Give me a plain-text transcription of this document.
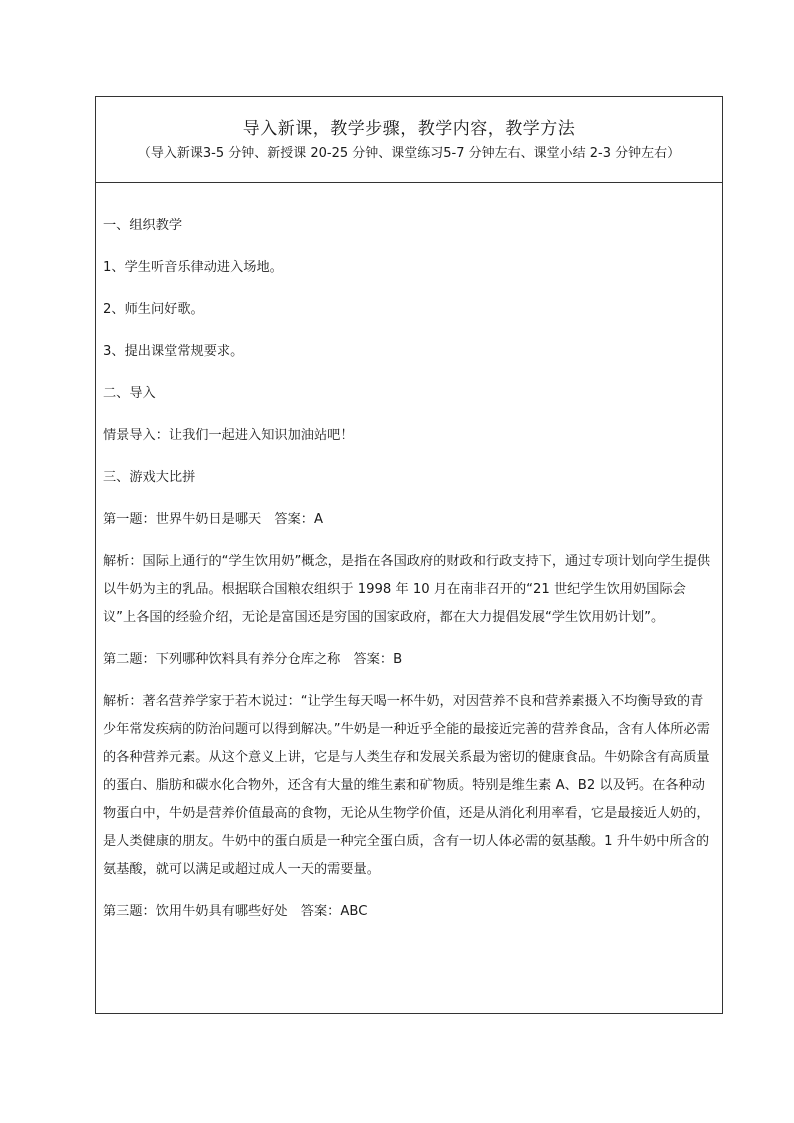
导入新课，教学步骤，教学内容，教学方法
（导入新课3-5 分钟、新授课 20-25 分钟、课堂练习5-7 分钟左右、课堂小结 2-3 分钟左右）

一、组织教学

1、学生听音乐律动进入场地。

2、师生问好歌。

3、提出课堂常规要求。

二、导入

情景导入：让我们一起进入知识加油站吧！

三、游戏大比拼

第一题：世界牛奶日是哪天　答案：A

解析：国际上通行的“学生饮用奶”概念，是指在各国政府的财政和行政支持下，通过专项计划向学生提供以牛奶为主的乳品。根据联合国粮农组织于 1998 年 10 月在南非召开的“21 世纪学生饮用奶国际会议”上各国的经验介绍，无论是富国还是穷国的国家政府，都在大力提倡发展“学生饮用奶计划”。

第二题：下列哪种饮料具有养分仓库之称　答案：B

解析：著名营养学家于若木说过：“让学生每天喝一杯牛奶，对因营养不良和营养素摄入不均衡导致的青少年常发疾病的防治问题可以得到解决。”牛奶是一种近乎全能的最接近完善的营养食品，含有人体所必需的各种营养元素。从这个意义上讲，它是与人类生存和发展关系最为密切的健康食品。牛奶除含有高质量的蛋白、脂肪和碳水化合物外，还含有大量的维生素和矿物质。特别是维生素 A、B2 以及钙。在各种动物蛋白中，牛奶是营养价值最高的食物，无论从生物学价值，还是从消化利用率看，它是最接近人奶的，是人类健康的朋友。牛奶中的蛋白质是一种完全蛋白质，含有一切人体必需的氨基酸。1 升牛奶中所含的氨基酸，就可以满足或超过成人一天的需要量。

第三题：饮用牛奶具有哪些好处　答案：ABC
